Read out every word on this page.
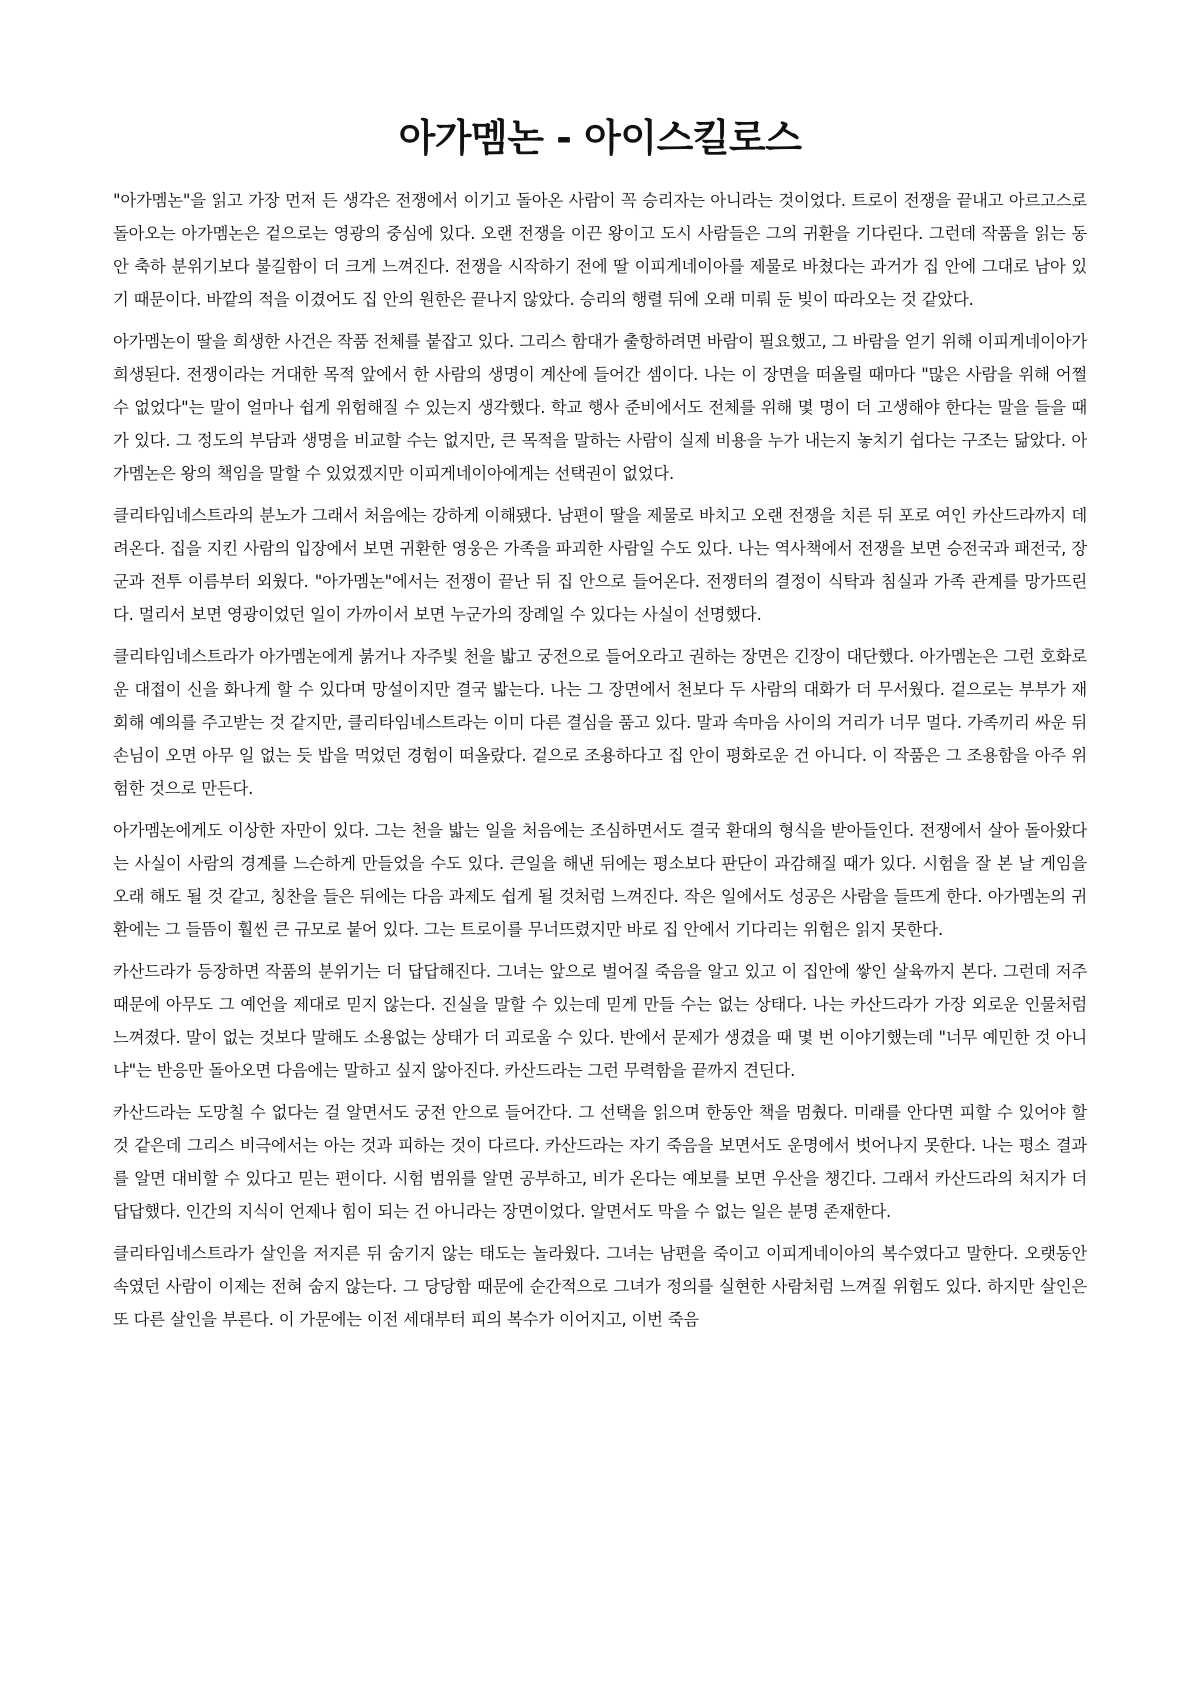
아가멤논 - 아이스킬로스

"아가멤논"을 읽고 가장 먼저 든 생각은 전쟁에서 이기고 돌아온 사람이 꼭 승리자는 아니라는 것이었다. 트로이 전쟁을 끝내고 아르고스로 돌아오는 아가멤논은 겉으로는 영광의 중심에 있다. 오랜 전쟁을 이끈 왕이고 도시 사람들은 그의 귀환을 기다린다. 그런데 작품을 읽는 동안 축하 분위기보다 불길함이 더 크게 느껴진다. 전쟁을 시작하기 전에 딸 이피게네이아를 제물로 바쳤다는 과거가 집 안에 그대로 남아 있기 때문이다. 바깥의 적을 이겼어도 집 안의 원한은 끝나지 않았다. 승리의 행렬 뒤에 오래 미뤄 둔 빚이 따라오는 것 같았다.

아가멤논이 딸을 희생한 사건은 작품 전체를 붙잡고 있다. 그리스 함대가 출항하려면 바람이 필요했고, 그 바람을 얻기 위해 이피게네이아가 희생된다. 전쟁이라는 거대한 목적 앞에서 한 사람의 생명이 계산에 들어간 셈이다. 나는 이 장면을 떠올릴 때마다 "많은 사람을 위해 어쩔 수 없었다"는 말이 얼마나 쉽게 위험해질 수 있는지 생각했다. 학교 행사 준비에서도 전체를 위해 몇 명이 더 고생해야 한다는 말을 들을 때가 있다. 그 정도의 부담과 생명을 비교할 수는 없지만, 큰 목적을 말하는 사람이 실제 비용을 누가 내는지 놓치기 쉽다는 구조는 닮았다. 아가멤논은 왕의 책임을 말할 수 있었겠지만 이피게네이아에게는 선택권이 없었다.

클리타임네스트라의 분노가 그래서 처음에는 강하게 이해됐다. 남편이 딸을 제물로 바치고 오랜 전쟁을 치른 뒤 포로 여인 카산드라까지 데려온다. 집을 지킨 사람의 입장에서 보면 귀환한 영웅은 가족을 파괴한 사람일 수도 있다. 나는 역사책에서 전쟁을 보면 승전국과 패전국, 장군과 전투 이름부터 외웠다. "아가멤논"에서는 전쟁이 끝난 뒤 집 안으로 들어온다. 전쟁터의 결정이 식탁과 침실과 가족 관계를 망가뜨린다. 멀리서 보면 영광이었던 일이 가까이서 보면 누군가의 장례일 수 있다는 사실이 선명했다.

클리타임네스트라가 아가멤논에게 붉거나 자주빛 천을 밟고 궁전으로 들어오라고 권하는 장면은 긴장이 대단했다. 아가멤논은 그런 호화로운 대접이 신을 화나게 할 수 있다며 망설이지만 결국 밟는다. 나는 그 장면에서 천보다 두 사람의 대화가 더 무서웠다. 겉으로는 부부가 재회해 예의를 주고받는 것 같지만, 클리타임네스트라는 이미 다른 결심을 품고 있다. 말과 속마음 사이의 거리가 너무 멀다. 가족끼리 싸운 뒤 손님이 오면 아무 일 없는 듯 밥을 먹었던 경험이 떠올랐다. 겉으로 조용하다고 집 안이 평화로운 건 아니다. 이 작품은 그 조용함을 아주 위험한 것으로 만든다.

아가멤논에게도 이상한 자만이 있다. 그는 천을 밟는 일을 처음에는 조심하면서도 결국 환대의 형식을 받아들인다. 전쟁에서 살아 돌아왔다는 사실이 사람의 경계를 느슨하게 만들었을 수도 있다. 큰일을 해낸 뒤에는 평소보다 판단이 과감해질 때가 있다. 시험을 잘 본 날 게임을 오래 해도 될 것 같고, 칭찬을 들은 뒤에는 다음 과제도 쉽게 될 것처럼 느껴진다. 작은 일에서도 성공은 사람을 들뜨게 한다. 아가멤논의 귀환에는 그 들뜸이 훨씬 큰 규모로 붙어 있다. 그는 트로이를 무너뜨렸지만 바로 집 안에서 기다리는 위험은 읽지 못한다.

카산드라가 등장하면 작품의 분위기는 더 답답해진다. 그녀는 앞으로 벌어질 죽음을 알고 있고 이 집안에 쌓인 살육까지 본다. 그런데 저주 때문에 아무도 그 예언을 제대로 믿지 않는다. 진실을 말할 수 있는데 믿게 만들 수는 없는 상태다. 나는 카산드라가 가장 외로운 인물처럼 느껴졌다. 말이 없는 것보다 말해도 소용없는 상태가 더 괴로울 수 있다. 반에서 문제가 생겼을 때 몇 번 이야기했는데 "너무 예민한 것 아니냐"는 반응만 돌아오면 다음에는 말하고 싶지 않아진다. 카산드라는 그런 무력함을 끝까지 견딘다.

카산드라는 도망칠 수 없다는 걸 알면서도 궁전 안으로 들어간다. 그 선택을 읽으며 한동안 책을 멈췄다. 미래를 안다면 피할 수 있어야 할 것 같은데 그리스 비극에서는 아는 것과 피하는 것이 다르다. 카산드라는 자기 죽음을 보면서도 운명에서 벗어나지 못한다. 나는 평소 결과를 알면 대비할 수 있다고 믿는 편이다. 시험 범위를 알면 공부하고, 비가 온다는 예보를 보면 우산을 챙긴다. 그래서 카산드라의 처지가 더 답답했다. 인간의 지식이 언제나 힘이 되는 건 아니라는 장면이었다. 알면서도 막을 수 없는 일은 분명 존재한다.

클리타임네스트라가 살인을 저지른 뒤 숨기지 않는 태도는 놀라웠다. 그녀는 남편을 죽이고 이피게네이아의 복수였다고 말한다. 오랫동안 속였던 사람이 이제는 전혀 숨지 않는다. 그 당당함 때문에 순간적으로 그녀가 정의를 실현한 사람처럼 느껴질 위험도 있다. 하지만 살인은 또 다른 살인을 부른다. 이 가문에는 이전 세대부터 피의 복수가 이어지고, 이번 죽음
